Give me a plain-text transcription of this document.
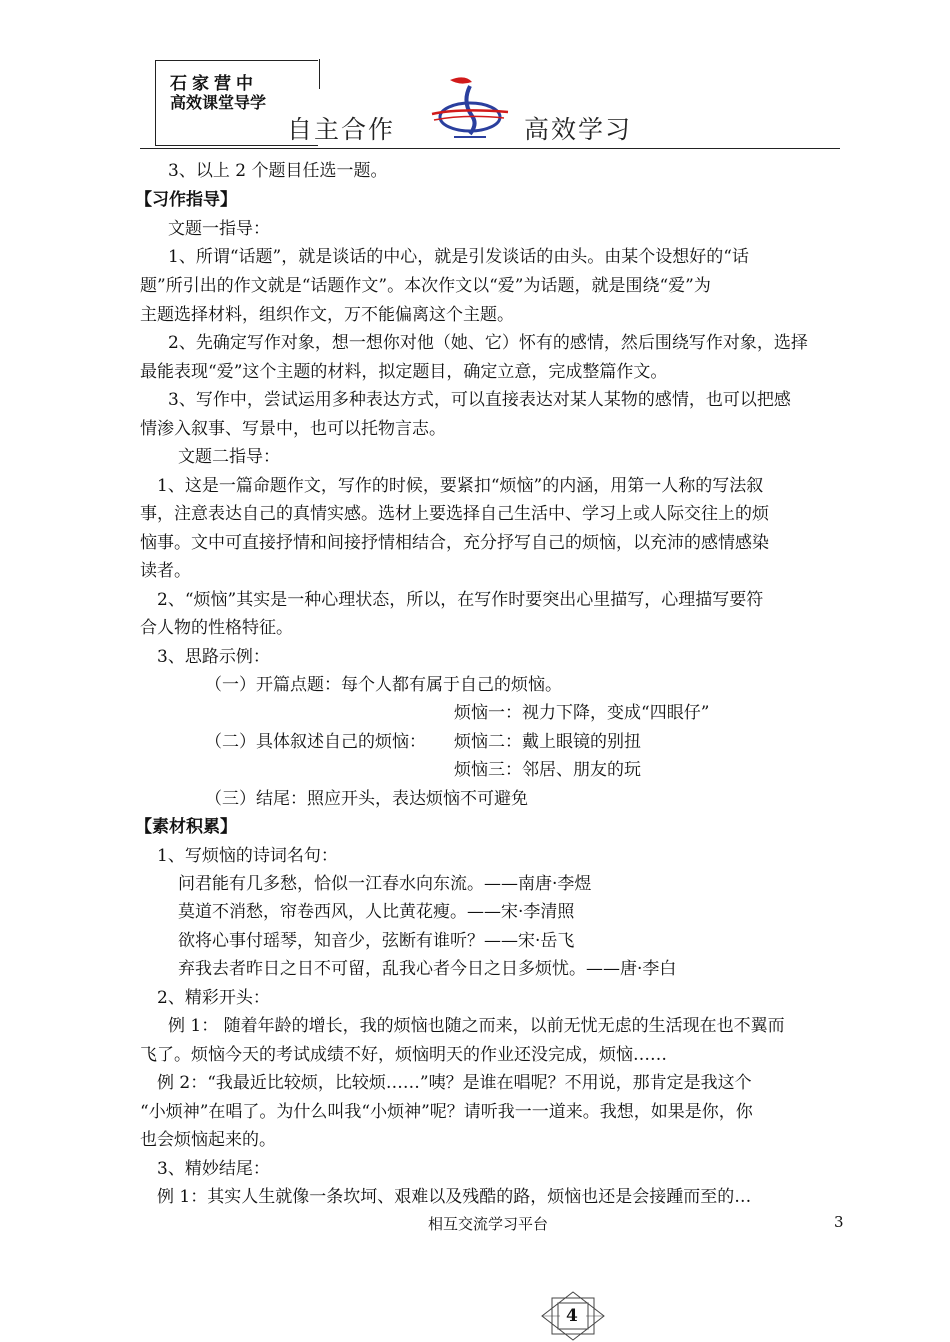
石家营中
高效课堂导学
自主合作	高效学习
3、以上 2 个题目任选一题。
【习作指导】
文题一指导：
1、所谓“话题”，就是谈话的中心，就是引发谈话的由头。由某个设想好的“话
题”所引出的作文就是“话题作文”。本次作文以“爱”为话题，就是围绕“爱”为
主题选择材料，组织作文，万不能偏离这个主题。
2、先确定写作对象，想一想你对他（她、它）怀有的感情，然后围绕写作对象，选择
最能表现“爱”这个主题的材料，拟定题目，确定立意，完成整篇作文。
3、写作中，尝试运用多种表达方式，可以直接表达对某人某物的感情，也可以把感
情渗入叙事、写景中，也可以托物言志。
文题二指导：
1、这是一篇命题作文，写作的时候，要紧扣“烦恼”的内涵，用第一人称的写法叙
事，注意表达自己的真情实感。选材上要选择自己生活中、学习上或人际交往上的烦
恼事。文中可直接抒情和间接抒情相结合，充分抒写自己的烦恼，以充沛的感情感染
读者。
2、“烦恼”其实是一种心理状态，所以，在写作时要突出心里描写，心理描写要符
合人物的性格特征。
3、思路示例：
（一）开篇点题：每个人都有属于自己的烦恼。
烦恼一：视力下降，变成“四眼仔”
（二）具体叙述自己的烦恼： 烦恼二：戴上眼镜的别扭
烦恼三：邻居、朋友的玩
（三）结尾：照应开头，表达烦恼不可避免
【素材积累】
1、写烦恼的诗词名句：
问君能有几多愁，恰似一江春水向东流。——南唐·李煜
莫道不消愁，帘卷西风，人比黄花瘦。——宋·李清照
欲将心事付瑶琴，知音少，弦断有谁听？——宋·岳飞
弃我去者昨日之日不可留，乱我心者今日之日多烦忧。——唐·李白
2、精彩开头：
例 1： 随着年龄的增长，我的烦恼也随之而来，以前无忧无虑的生活现在也不翼而
飞了。烦恼今天的考试成绩不好，烦恼明天的作业还没完成，烦恼……
例 2：“我最近比较烦，比较烦……”咦？是谁在唱呢？不用说，那肯定是我这个
“小烦神”在唱了。为什么叫我“小烦神”呢？请听我一一道来。我想，如果是你，你
也会烦恼起来的。
3、精妙结尾：
例 1：其实人生就像一条坎坷、艰难以及残酷的路，烦恼也还是会接踵而至的…
相互交流学习平台	3
4
